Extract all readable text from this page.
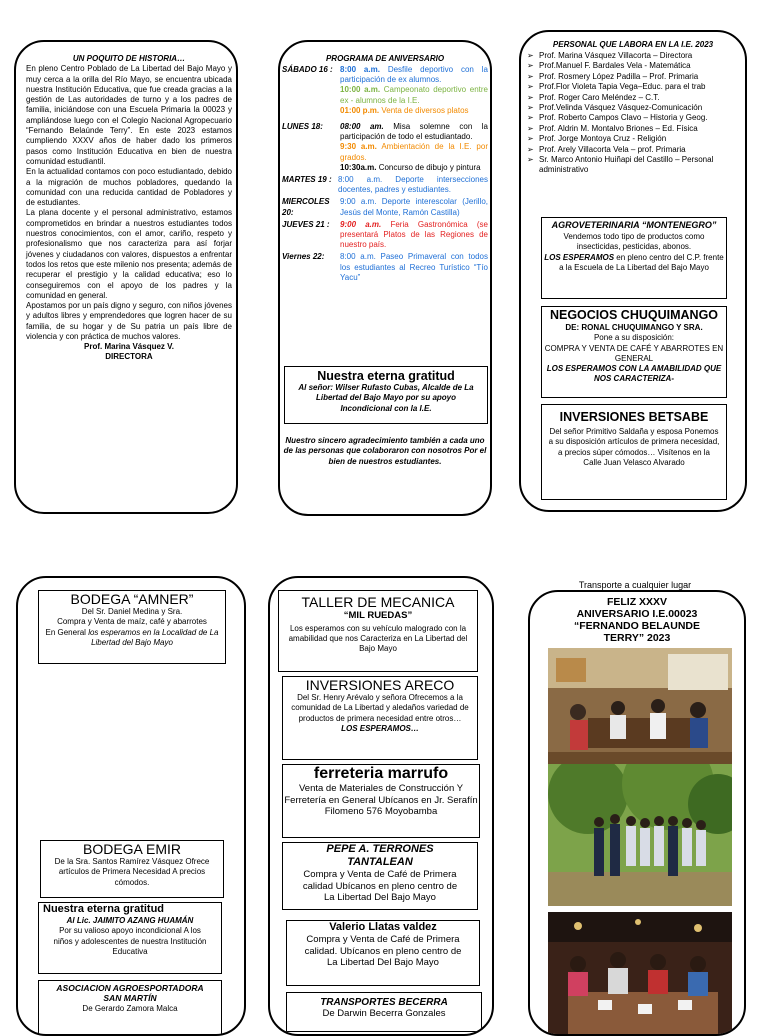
UN POQUITO DE HISTORIA…

En pleno Centro Poblado de La Libertad del Bajo Mayo y muy cerca a la orilla del Río Mayo, se encuentra ubicada nuestra Institución Educativa, que fue creada gracias a la gestión de Las autoridades de turno y a los padres de familia, iniciándose con una Escuela Primaria la 00023 y ampliándose luego con el Colegio Nacional Agropecuario “Fernando Belaúnde Terry”. En este 2023 estamos cumpliendo XXXV años de haber dado los primeros pasos como Institución Educativa en bien de nuestra comunidad estudiantil.

En la actualidad contamos con poco estudiantado, debido a la migración de muchos pobladores, quedando la comunidad con una reducida cantidad de Pobladores y de estudiantes.

La plana docente y el personal administrativo, estamos comprometidos en brindar a nuestros estudiantes todos nuestros conocimientos, con el amor, cariño, respeto y profesionalismo que nos caracteriza para así forjar jóvenes y ciudadanos con valores, dispuestos a enfrentar todos los retos que este milenio nos presenta; además de recuperar el prestigio y la calidad educativa; eso lo conseguiremos con el apoyo de los padres y la comunidad en general.

Apostamos por un país digno y seguro, con niños jóvenes y adultos libres y emprendedores que logren hacer de su familia, de su hogar y de Su patria un país libre de violencia y con práctica de muchos valores.

Prof. Marina Vásquez V.
DIRECTORA
PROGRAMA DE ANIVERSARIO
SÁBADO 16 : 8:00 a.m. Desfile deportivo con la participación de ex alumnos.
10:00 a.m. Campeonato deportivo entre ex - alumnos de la I.E.
01:00 p.m. Venta de diversos platos
LUNES 18:	08:00 am. Misa solemne con la participación de todo el estudiantado.
9:30 a.m. Ambientación de la I.E. por grados.
10:30a.m. Concurso de dibujo y pintura
MARTES 19 : 8:00 a.m. Deporte intersecciones docentes, padres y estudiantes.
MIERCOLES 20:
9:00 a.m. Deporte interescolar (Jerillo, Jesús del Monte, Ramón Castilla)
JUEVES 21 :	9:00 a.m. Feria Gastronómica (se presentará Platos de las Regiones de nuestro país.
Viernes 22:	8:00 a.m. Paseo Primaveral con todos los estudiantes al Recreo Turístico “Tío Yacu”
Nuestra eterna gratitud
Al señor: Wilser Rufasto Cubas, Alcalde de La Libertad del Bajo Mayo por su apoyo Incondicional con la I.E.
Nuestro sincero agradecimiento también a cada uno de las personas que colaboraron con nosotros Por el bien de nuestros estudiantes.
PERSONAL QUE LABORA EN LA I.E. 2023
➢ Prof. Marina Vásquez Villacorta – Directora
➢ Prof.Manuel F. Bardales Vela - Matemática
➢ Prof. Rosmery López Padilla – Prof. Primaria
➢ Prof.Flor Violeta Tapia Vega–Educ. para el trab
➢ Prof. Roger Caro Meléndez – C.T.
➢ Prof.Velinda Vásquez Vásquez-Comunicación
➢ Prof. Roberto Campos Clavo – Historia y Geog.
➢ Prof. Aldrin M. Montalvo Briones – Ed. Física
➢ Prof. Jorge Montoya Cruz - Religión
➢ Prof. Arely Villacorta Vela – prof. Primaria
➢ Sr. Marco Antonio Huiñapi del Castillo – Personal administrativo
AGROVETERINARIA “MONTENEGRO”
Vendemos todo tipo de productos como insecticidas, pesticidas, abonos.
LOS ESPERAMOS en pleno centro del C.P. frente a la Escuela de La Libertad del Bajo Mayo
NEGOCIOS CHUQUIMANGO
DE: RONAL CHUQUIMANGO Y SRA.
Pone a su disposición:
COMPRA Y VENTA DE CAFÉ Y ABARROTES EN GENERAL
LOS ESPERAMOS CON LA AMABILIDAD QUE NOS CARACTERIZA-
INVERSIONES BETSABE
Del señor Primitivo Saldaña y esposa Ponemos a su disposición artículos de primera necesidad, a precios súper cómodos… Visítenos en la Calle Juan Velasco Alvarado
BODEGA “AMNER”
Del Sr. Daniel Medina y Sra.
Compra y Venta de maíz, café y abarrotes
En General los esperamos en la Localidad de La Libertad del Bajo Mayo
BODEGA EMIR
De la Sra. Santos Ramírez Vásquez Ofrece artículos de Primera Necesidad A precios cómodos.
Nuestra eterna gratitud
Al Lic. JAIMITO AZANG HUAMÁN
Por su valioso apoyo incondicional A los niños y adolescentes de nuestra Institución Educativa
ASOCIACION AGROESPORTADORA SAN MARTÍN
De Gerardo Zamora Malca
TALLER DE MECANICA
“MIL RUEDAS”
Los esperamos con su vehículo malogrado con la amabilidad que nos Caracteriza en La Libertad del Bajo Mayo
INVERSIONES ARECO
Del Sr. Henry Arévalo y señora Ofrecemos a la comunidad de La Libertad y aledaños variedad de productos de primera necesidad entre otros…
LOS ESPERAMOS…
ferreteria marrufo
Venta de Materiales de Construcción Y Ferretería en General Ubícanos en Jr. Serafín Filomeno 576 Moyobamba
PEPE A. TERRONES TANTALEAN
Compra y Venta de Café de Primera calidad Ubícanos en pleno centro de La Libertad Del Bajo Mayo
Valerio Llatas valdez
Compra y Venta de Café de Primera calidad. Ubícanos en pleno centro de La Libertad Del Bajo Mayo
TRANSPORTES BECERRA
De Darwin Becerra Gonzales
Transporte a cualquier lugar
FELIZ XXXV
ANIVERSARIO I.E.00023
“FERNANDO BELAUNDE
TERRY” 2023
